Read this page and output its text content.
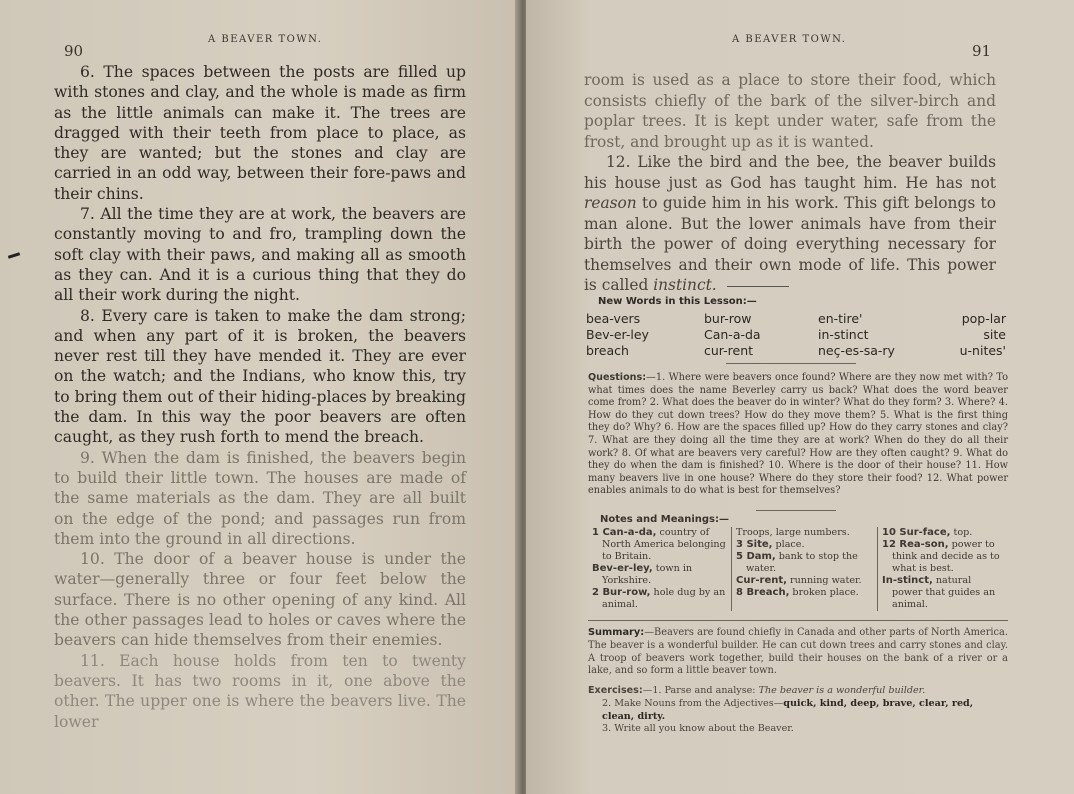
90
A BEAVER TOWN.

6. The spaces between the posts are filled up with stones and clay, and the whole is made as firm as the little animals can make it. The trees are dragged with their teeth from place to place, as they are wanted; but the stones and clay are carried in an odd way, between their fore-paws and their chins.

7. All the time they are at work, the beavers are constantly moving to and fro, trampling down the soft clay with their paws, and making all as smooth as they can. And it is a curious thing that they do all their work during the night.

8. Every care is taken to make the dam strong; and when any part of it is broken, the beavers never rest till they have mended it. They are ever on the watch; and the Indians, who know this, try to bring them out of their hiding-places by breaking the dam. In this way the poor beavers are often caught, as they rush forth to mend the breach.

9. When the dam is finished, the beavers begin to build their little town. The houses are made of the same materials as the dam. They are all built on the edge of the pond; and passages run from them into the ground in all directions.

10. The door of a beaver house is under the water—generally three or four feet below the surface. There is no other opening of any kind. All the other passages lead to holes or caves where the beavers can hide themselves from their enemies.

11. Each house holds from ten to twenty beavers. It has two rooms in it, one above the other. The upper one is where the beavers live. The lower

A BEAVER TOWN.
91

room is used as a place to store their food, which consists chiefly of the bark of the silver-birch and poplar trees. It is kept under water, safe from the frost, and brought up as it is wanted.

12. Like the bird and the bee, the beaver builds his house just as God has taught him. He has not reason to guide him in his work. This gift belongs to man alone. But the lower animals have from their birth the power of doing everything necessary for themselves and their own mode of life. This power is called instinct.

New Words in this Lesson:—
bea-vers	bur-row	en-tire'	pop-lar
Bev-er-ley	Can-a-da	in-stinct	site
breach	cur-rent	neç-es-sa-ry	u-nites'
Questions:—1. Where were beavers once found? Where are they now met with? To what times does the name Beverley carry us back? What does the word beaver come from? 2. What does the beaver do in winter? What do they form? 3. Where? 4. How do they cut down trees? How do they move them? 5. What is the first thing they do? Why? 6. How are the spaces filled up? How do they carry stones and clay? 7. What are they doing all the time they are at work? When do they do all their work? 8. Of what are beavers very careful? How are they often caught? 9. What do they do when the dam is finished? 10. Where is the door of their house? 11. How many beavers live in one house? Where do they store their food? 12. What power enables animals to do what is best for themselves?
Notes and Meanings:—

1 Can-a-da, country of North America belonging to Britain.

Bev-er-ley, town in Yorkshire.

2 Bur-row, hole dug by an animal.

Troops, large numbers.

3 Site, place.

5 Dam, bank to stop the water.

Cur-rent, running water.

8 Breach, broken place.

10 Sur-face, top.

12 Rea-son, power to think and decide as to what is best.

In-stinct, natural power that guides an animal.

Summary:—Beavers are found chiefly in Canada and other parts of North America. The beaver is a wonderful builder. He can cut down trees and carry stones and clay. A troop of beavers work together, build their houses on the bank of a river or a lake, and so form a little beaver town.

Exercises:—1. Parse and analyse: The beaver is a wonderful builder.

2. Make Nouns from the Adjectives—quick, kind, deep, brave, clear, red, clean, dirty.

3. Write all you know about the Beaver.
